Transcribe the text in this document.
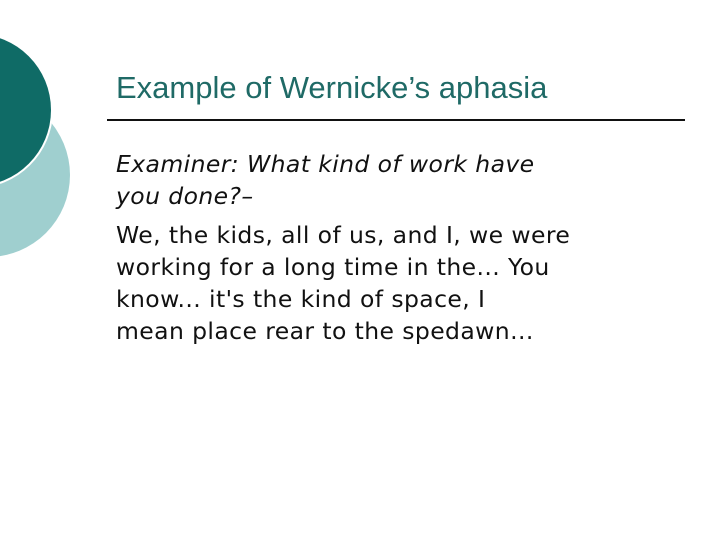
Example of Wernicke’s aphasia

Examiner: What kind of work have
you done?–

We, the kids, all of us, and I, we were
working for a long time in the... You
know... it's the kind of space, I
mean place rear to the spedawn...
